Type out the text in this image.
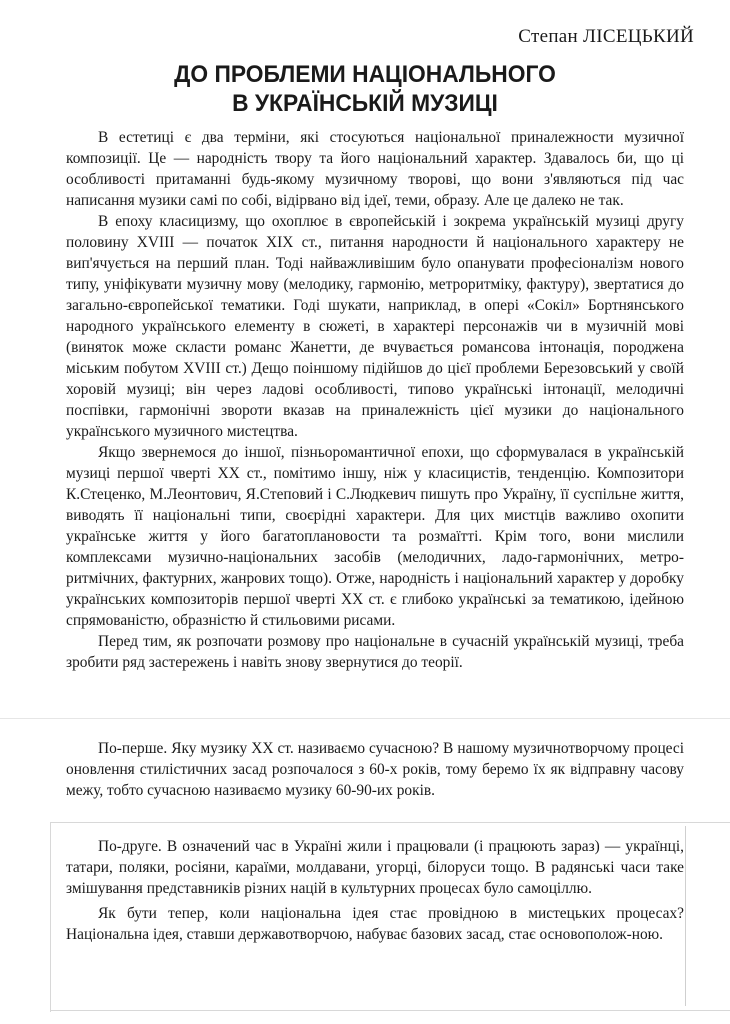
​
Степан ЛІСЕЦЬКИЙ
ДО ПРОБЛЕМИ НАЦІОНАЛЬНОГО
В УКРАЇНСЬКІЙ МУЗИЦІ

В естетиці є два терміни, які стосуються національної приналежности музичної композиції. Це — народність твору та його національний характер. Здавалось би, що ці особливості притаманні будь-якому музичному творові, що вони з'являються під час написання музики самі по собі, відірвано від ідеї, теми, образу. Але це далеко не так.

В епоху класицизму, що охоплює в європейській і зокрема українській музиці другу половину XVIII — початок XIX ст., питання народности й національного характеру не вип'ячується на перший план. Тоді найважливішим було опанувати професіоналізм нового типу, уніфікувати музичну мову (мелодику, гармонію, метроритміку, фактуру), звертатися до загально-європейської тематики. Годі шукати, наприклад, в опері «Сокіл» Бортнянського народного українського елементу в сюжеті, в характері персонажів чи в музичній мові (виняток може скласти романс Жанетти, де вчувається романсова інтонація, породжена міським побутом XVIII ст.) Дещо поіншому підійшов до цієї проблеми Березовський у своїй хоровій музиці; він через ладові особливості, типово українські інтонації, мелодичні поспівки, гармонічні звороти вказав на приналежність цієї музики до національного українського музичного мистецтва.

Якщо звернемося до іншої, пізньоромантичної епохи, що сформувалася в українській музиці першої чверті XX ст., помітимо іншу, ніж у класицистів, тенденцію. Композитори К.Стеценко, М.Леонтович, Я.Степовий і С.Людкевич пишуть про Україну, її суспільне життя, виводять її національні типи, своєрідні характери. Для цих мистців важливо охопити українське життя у його багатоплановости та розмаїтті. Крім того, вони мислили комплексами музично-національних засобів (мелодичних, ладо-гармонічних, метро-ритмічних, фактурних, жанрових тощо). Отже, народність і національний характер у доробку українських композиторів першої чверті XX ст. є глибоко українські за тематикою, ідейною спрямованістю, образністю й стильовими рисами.

Перед тим, як розпочати розмову про національне в сучасній українській музиці, треба зробити ряд застережень і навіть знову звернутися до теорії.

По-перше. Яку музику XX ст. називаємо сучасною? В нашому музичнотворчому процесі оновлення стилістичних засад розпочалося з 60-х років, тому беремо їх як відправну часову межу, тобто сучасною називаємо музику 60-90-их років.

По-друге. В означений час в Україні жили і працювали (і працюють зараз) — українці, татари, поляки, росіяни, караїми, молдавани, угорці, білоруси тощо. В радянські часи таке змішування представників різних націй в культурних процесах було самоціллю.

Як бути тепер, коли національна ідея стає провідною в мистецьких процесах? Національна ідея, ставши державотворчою, набуває базових засад, стає основополож-ною.
